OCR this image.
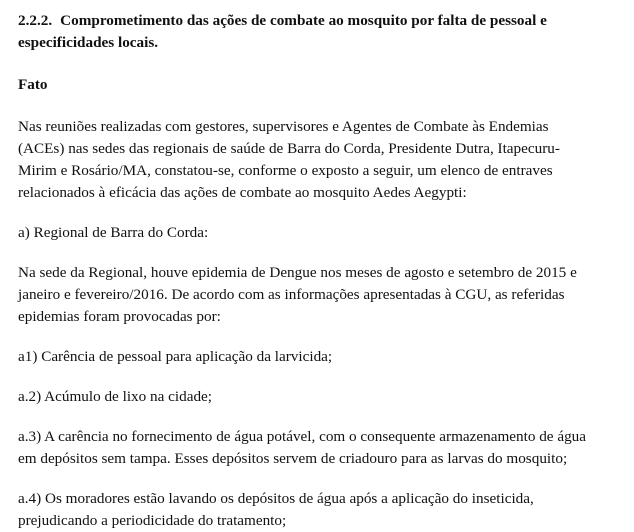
2.2.2. Comprometimento das ações de combate ao mosquito por falta de pessoal e
especificidades locais.
Fato
Nas reuniões realizadas com gestores, supervisores e Agentes de Combate às Endemias
(ACEs) nas sedes das regionais de saúde de Barra do Corda, Presidente Dutra, Itapecuru-
Mirim e Rosário/MA, constatou-se, conforme o exposto a seguir, um elenco de entraves
relacionados à eficácia das ações de combate ao mosquito Aedes Aegypti:
a) Regional de Barra do Corda:
Na sede da Regional, houve epidemia de Dengue nos meses de agosto e setembro de 2015 e
janeiro e fevereiro/2016. De acordo com as informações apresentadas à CGU, as referidas
epidemias foram provocadas por:
a1) Carência de pessoal para aplicação da larvicida;
a.2) Acúmulo de lixo na cidade;
a.3) A carência no fornecimento de água potável, com o consequente armazenamento de água
em depósitos sem tampa. Esses depósitos servem de criadouro para as larvas do mosquito;
a.4) Os moradores estão lavando os depósitos de água após a aplicação do inseticida,
prejudicando a periodicidade do tratamento;
